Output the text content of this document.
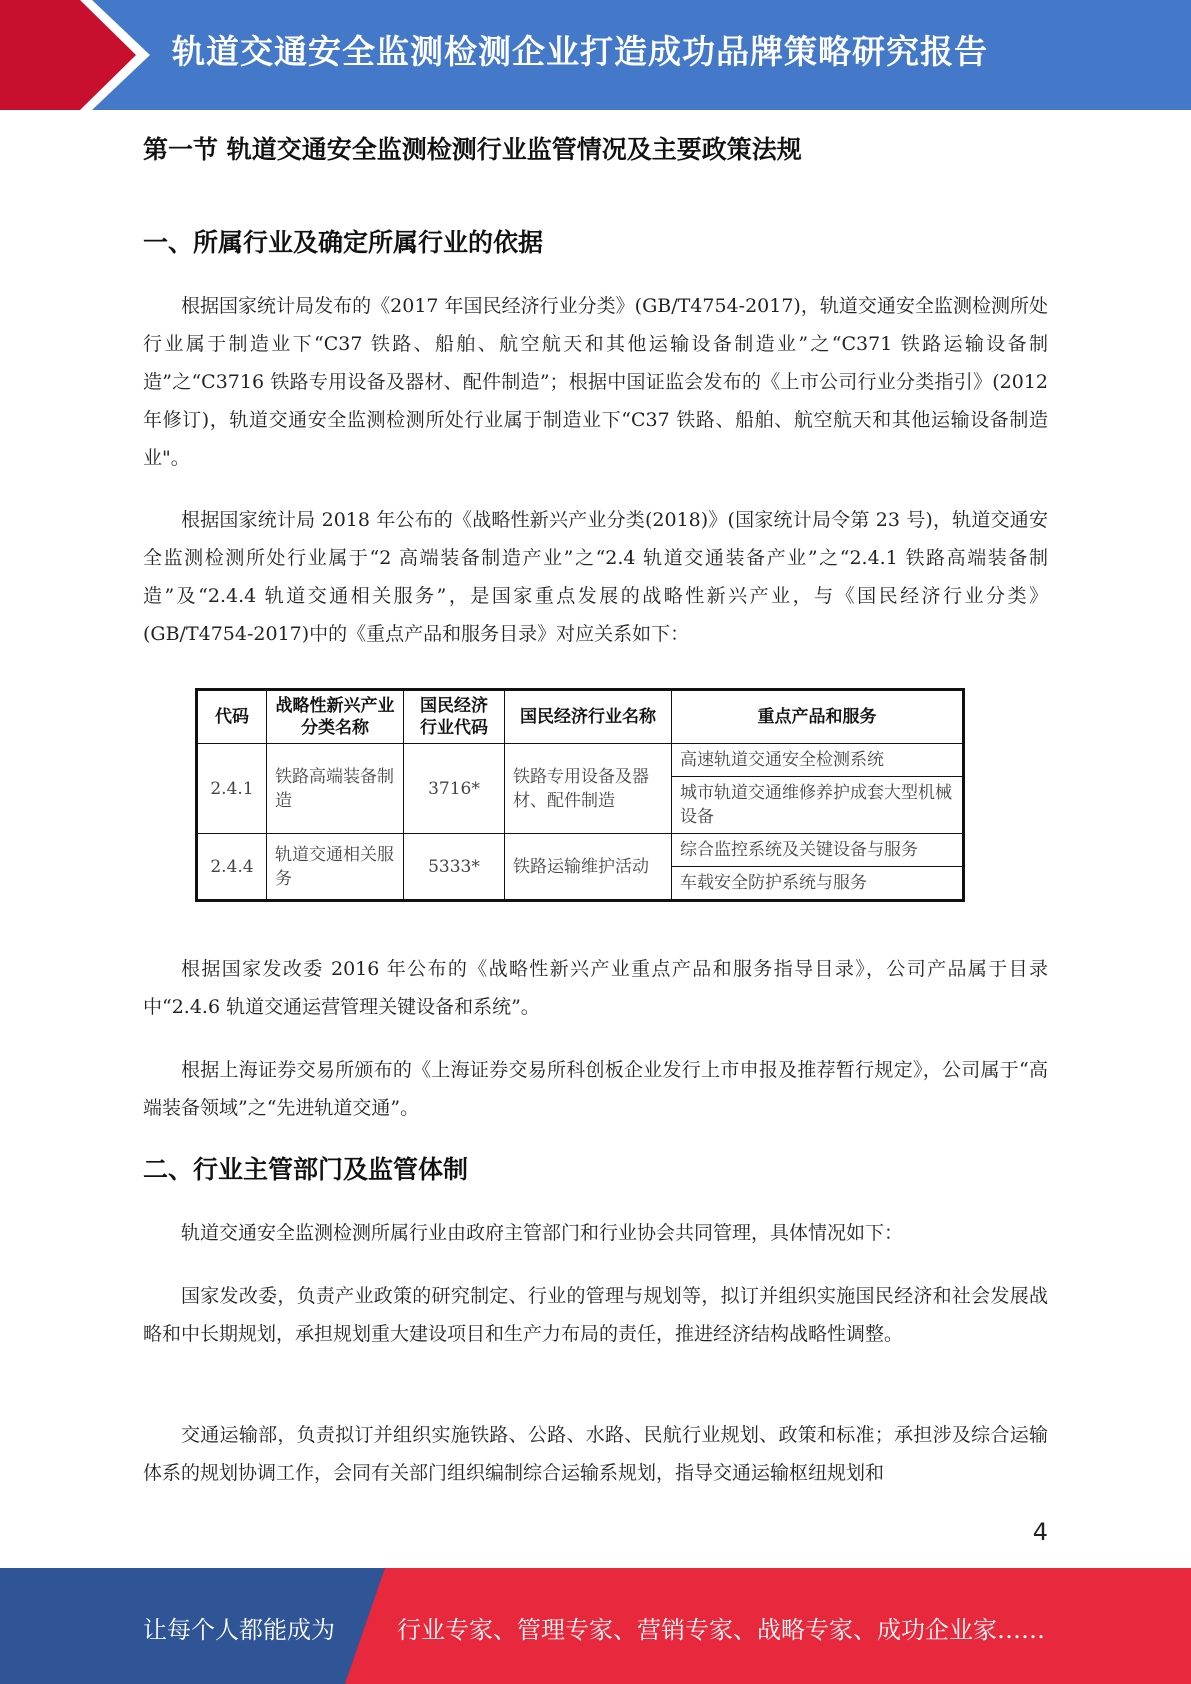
轨道交通安全监测检测企业打造成功品牌策略研究报告
第一节 轨道交通安全监测检测行业监管情况及主要政策法规
一、所属行业及确定所属行业的依据

根据国家统计局发布的《2017 年国民经济行业分类》(GB/T4754-2017)，轨道交通安全监测检测所处行业属于制造业下“C37 铁路、船舶、航空航天和其他运输设备制造业”之“C371 铁路运输设备制造”之“C3716 铁路专用设备及器材、配件制造”；根据中国证监会发布的《上市公司行业分类指引》(2012 年修订)，轨道交通安全监测检测所处行业属于制造业下“C37 铁路、船舶、航空航天和其他运输设备制造业"。

根据国家统计局 2018 年公布的《战略性新兴产业分类(2018)》(国家统计局令第 23 号)，轨道交通安全监测检测所处行业属于“2 高端装备制造产业”之“2.4 轨道交通装备产业”之“2.4.1 铁路高端装备制造”及“2.4.4 轨道交通相关服务”，是国家重点发展的战略性新兴产业，与《国民经济行业分类》(GB/T4754-2017)中的《重点产品和服务目录》对应关系如下：

根据国家发改委 2016 年公布的《战略性新兴产业重点产品和服务指导目录》，公司产品属于目录中“2.4.6 轨道交通运营管理关键设备和系统”。

根据上海证券交易所颁布的《上海证券交易所科创板企业发行上市申报及推荐暂行规定》，公司属于“高端装备领域”之“先进轨道交通”。

二、行业主管部门及监管体制

轨道交通安全监测检测所属行业由政府主管部门和行业协会共同管理，具体情况如下：

国家发改委，负责产业政策的研究制定、行业的管理与规划等，拟订并组织实施国民经济和社会发展战略和中长期规划，承担规划重大建设项目和生产力布局的责任，推进经济结构战略性调整。

交通运输部，负责拟订并组织实施铁路、公路、水路、民航行业规划、政策和标准；承担涉及综合运输体系的规划协调工作，会同有关部门组织编制综合运输系规划，指导交通运输枢纽规划和

代码	战略性新兴产业分类名称	国民经济行业代码	国民经济行业名称	重点产品和服务
2.4.1	铁路高端装备制造	3716*	铁路专用设备及器材、配件制造	高速轨道交通安全检测系统
				城市轨道交通维修养护成套大型机械设备
2.4.4	轨道交通相关服务	5333*	铁路运输维护活动	综合监控系统及关键设备与服务
				车载安全防护系统与服务
4
让每个人都能成为	行业专家、管理专家、营销专家、战略专家、成功企业家……
